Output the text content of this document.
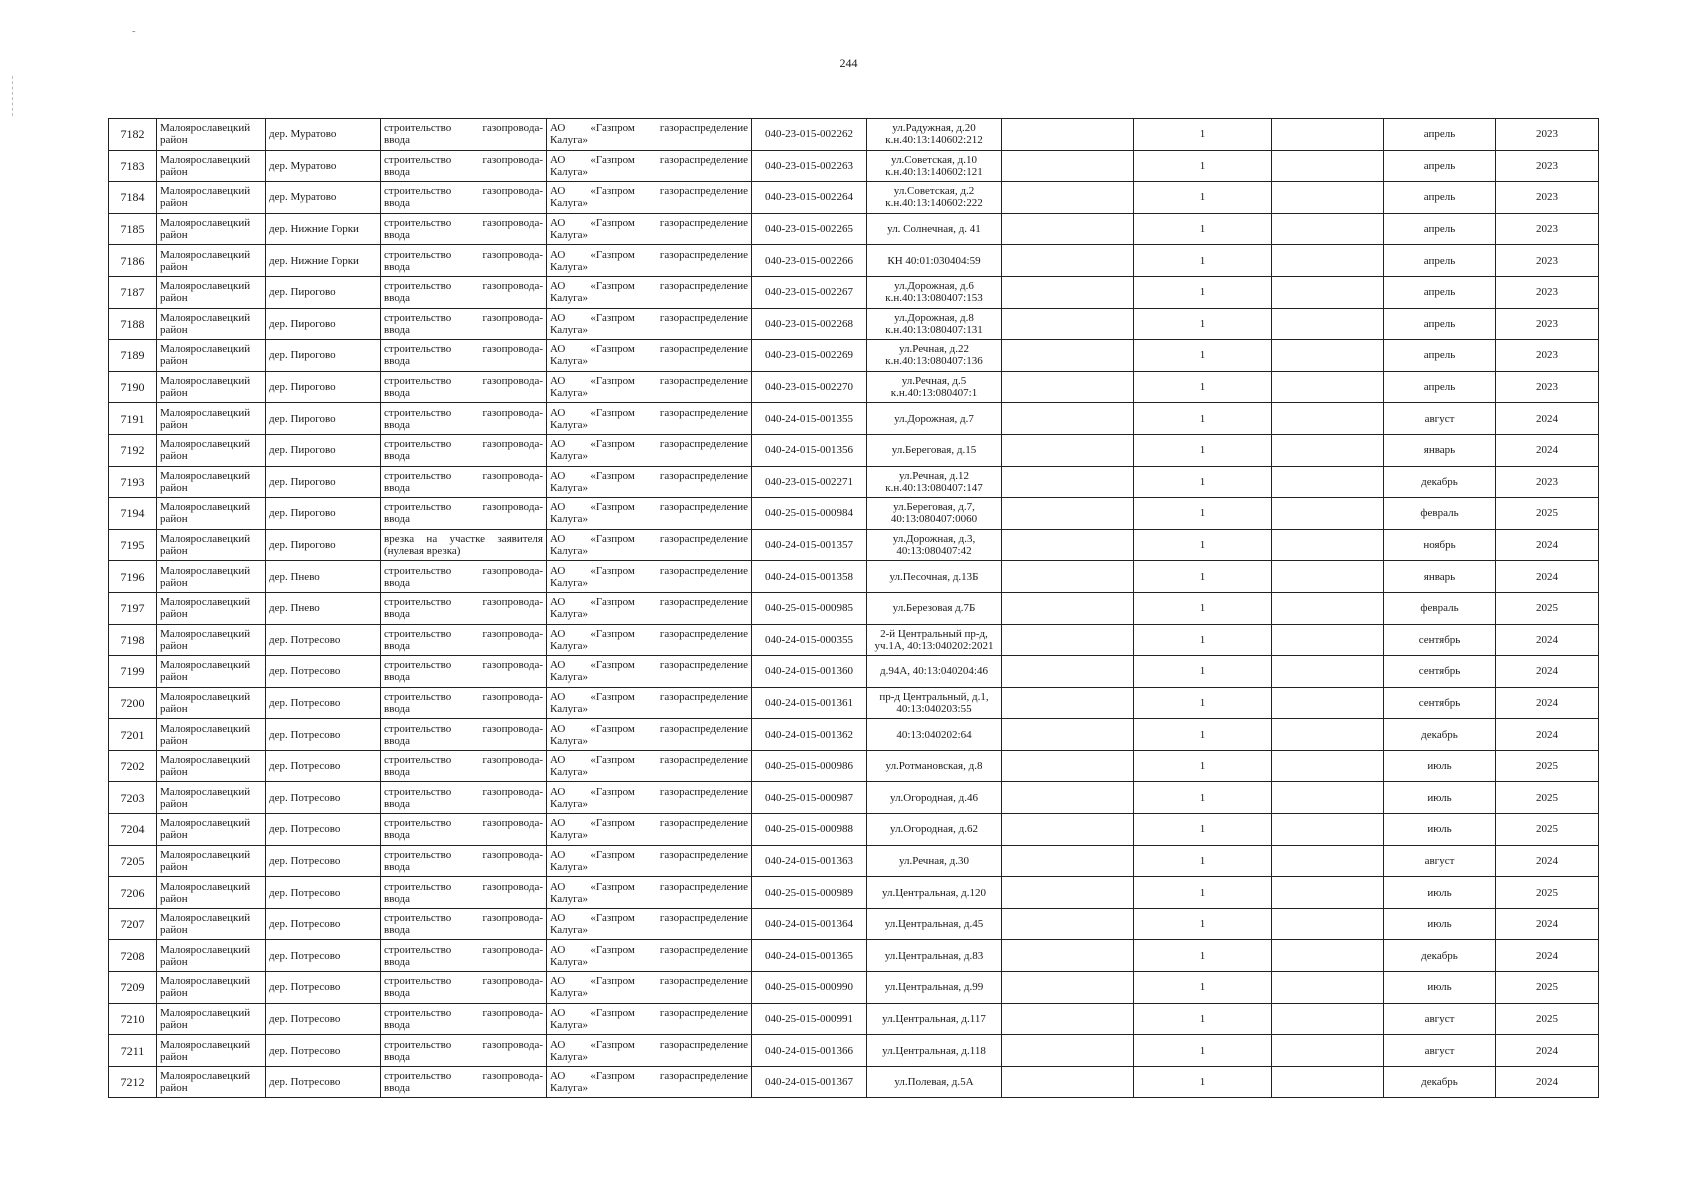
˜
244
7182	Малоярославецкий район	дер. Муратово	строительство газопровода-
ввода	АО «Газпром газораспределение
Калуга»	040-23-015-002262	ул.Радужная, д.20
к.н.40:13:140602:212		1		апрель	2023
7183	Малоярославецкий район	дер. Муратово	строительство газопровода-
ввода	АО «Газпром газораспределение
Калуга»	040-23-015-002263	ул.Советская, д.10
к.н.40:13:140602:121		1		апрель	2023
7184	Малоярославецкий район	дер. Муратово	строительство газопровода-
ввода	АО «Газпром газораспределение
Калуга»	040-23-015-002264	ул.Советская, д.2
к.н.40:13:140602:222		1		апрель	2023
7185	Малоярославецкий район	дер. Нижние Горки	строительство газопровода-
ввода	АО «Газпром газораспределение
Калуга»	040-23-015-002265	ул. Солнечная, д. 41		1		апрель	2023
7186	Малоярославецкий район	дер. Нижние Горки	строительство газопровода-
ввода	АО «Газпром газораспределение
Калуга»	040-23-015-002266	КН 40:01:030404:59		1		апрель	2023
7187	Малоярославецкий район	дер. Пирогово	строительство газопровода-
ввода	АО «Газпром газораспределение
Калуга»	040-23-015-002267	ул.Дорожная, д.6
к.н.40:13:080407:153		1		апрель	2023
7188	Малоярославецкий район	дер. Пирогово	строительство газопровода-
ввода	АО «Газпром газораспределение
Калуга»	040-23-015-002268	ул.Дорожная, д.8
к.н.40:13:080407:131		1		апрель	2023
7189	Малоярославецкий район	дер. Пирогово	строительство газопровода-
ввода	АО «Газпром газораспределение
Калуга»	040-23-015-002269	ул.Речная, д.22
к.н.40:13:080407:136		1		апрель	2023
7190	Малоярославецкий район	дер. Пирогово	строительство газопровода-
ввода	АО «Газпром газораспределение
Калуга»	040-23-015-002270	ул.Речная, д.5
к.н.40:13:080407:1		1		апрель	2023
7191	Малоярославецкий район	дер. Пирогово	строительство газопровода-
ввода	АО «Газпром газораспределение
Калуга»	040-24-015-001355	ул.Дорожная, д.7		1		август	2024
7192	Малоярославецкий район	дер. Пирогово	строительство газопровода-
ввода	АО «Газпром газораспределение
Калуга»	040-24-015-001356	ул.Береговая, д.15		1		январь	2024
7193	Малоярославецкий район	дер. Пирогово	строительство газопровода-
ввода	АО «Газпром газораспределение
Калуга»	040-23-015-002271	ул.Речная, д.12
к.н.40:13:080407:147		1		декабрь	2023
7194	Малоярославецкий район	дер. Пирогово	строительство газопровода-
ввода	АО «Газпром газораспределение
Калуга»	040-25-015-000984	ул.Береговая, д.7,
40:13:080407:0060		1		февраль	2025
7195	Малоярославецкий район	дер. Пирогово	врезка на участке заявителя
(нулевая врезка)	АО «Газпром газораспределение
Калуга»	040-24-015-001357	ул.Дорожная, д.3,
40:13:080407:42		1		ноябрь	2024
7196	Малоярославецкий район	дер. Пнево	строительство газопровода-
ввода	АО «Газпром газораспределение
Калуга»	040-24-015-001358	ул.Песочная, д.13Б		1		январь	2024
7197	Малоярославецкий район	дер. Пнево	строительство газопровода-
ввода	АО «Газпром газораспределение
Калуга»	040-25-015-000985	ул.Березовая д.7Б		1		февраль	2025
7198	Малоярославецкий район	дер. Потресово	строительство газопровода-
ввода	АО «Газпром газораспределение
Калуга»	040-24-015-000355	2-й Центральный пр-д,
уч.1А, 40:13:040202:2021		1		сентябрь	2024
7199	Малоярославецкий район	дер. Потресово	строительство газопровода-
ввода	АО «Газпром газораспределение
Калуга»	040-24-015-001360	д.94А, 40:13:040204:46		1		сентябрь	2024
7200	Малоярославецкий район	дер. Потресово	строительство газопровода-
ввода	АО «Газпром газораспределение
Калуга»	040-24-015-001361	пр-д Центральный, д.1,
40:13:040203:55		1		сентябрь	2024
7201	Малоярославецкий район	дер. Потресово	строительство газопровода-
ввода	АО «Газпром газораспределение
Калуга»	040-24-015-001362	40:13:040202:64		1		декабрь	2024
7202	Малоярославецкий район	дер. Потресово	строительство газопровода-
ввода	АО «Газпром газораспределение
Калуга»	040-25-015-000986	ул.Ротмановская, д.8		1		июль	2025
7203	Малоярославецкий район	дер. Потресово	строительство газопровода-
ввода	АО «Газпром газораспределение
Калуга»	040-25-015-000987	ул.Огородная, д.46		1		июль	2025
7204	Малоярославецкий район	дер. Потресово	строительство газопровода-
ввода	АО «Газпром газораспределение
Калуга»	040-25-015-000988	ул.Огородная, д.62		1		июль	2025
7205	Малоярославецкий район	дер. Потресово	строительство газопровода-
ввода	АО «Газпром газораспределение
Калуга»	040-24-015-001363	ул.Речная, д.30		1		август	2024
7206	Малоярославецкий район	дер. Потресово	строительство газопровода-
ввода	АО «Газпром газораспределение
Калуга»	040-25-015-000989	ул.Центральная, д.120		1		июль	2025
7207	Малоярославецкий район	дер. Потресово	строительство газопровода-
ввода	АО «Газпром газораспределение
Калуга»	040-24-015-001364	ул.Центральная, д.45		1		июль	2024
7208	Малоярославецкий район	дер. Потресово	строительство газопровода-
ввода	АО «Газпром газораспределение
Калуга»	040-24-015-001365	ул.Центральная, д.83		1		декабрь	2024
7209	Малоярославецкий район	дер. Потресово	строительство газопровода-
ввода	АО «Газпром газораспределение
Калуга»	040-25-015-000990	ул.Центральная, д.99		1		июль	2025
7210	Малоярославецкий район	дер. Потресово	строительство газопровода-
ввода	АО «Газпром газораспределение
Калуга»	040-25-015-000991	ул.Центральная, д.117		1		август	2025
7211	Малоярославецкий район	дер. Потресово	строительство газопровода-
ввода	АО «Газпром газораспределение
Калуга»	040-24-015-001366	ул.Центральная, д.118		1		август	2024
7212	Малоярославецкий район	дер. Потресово	строительство газопровода-
ввода	АО «Газпром газораспределение
Калуга»	040-24-015-001367	ул.Полевая, д.5А		1		декабрь	2024
